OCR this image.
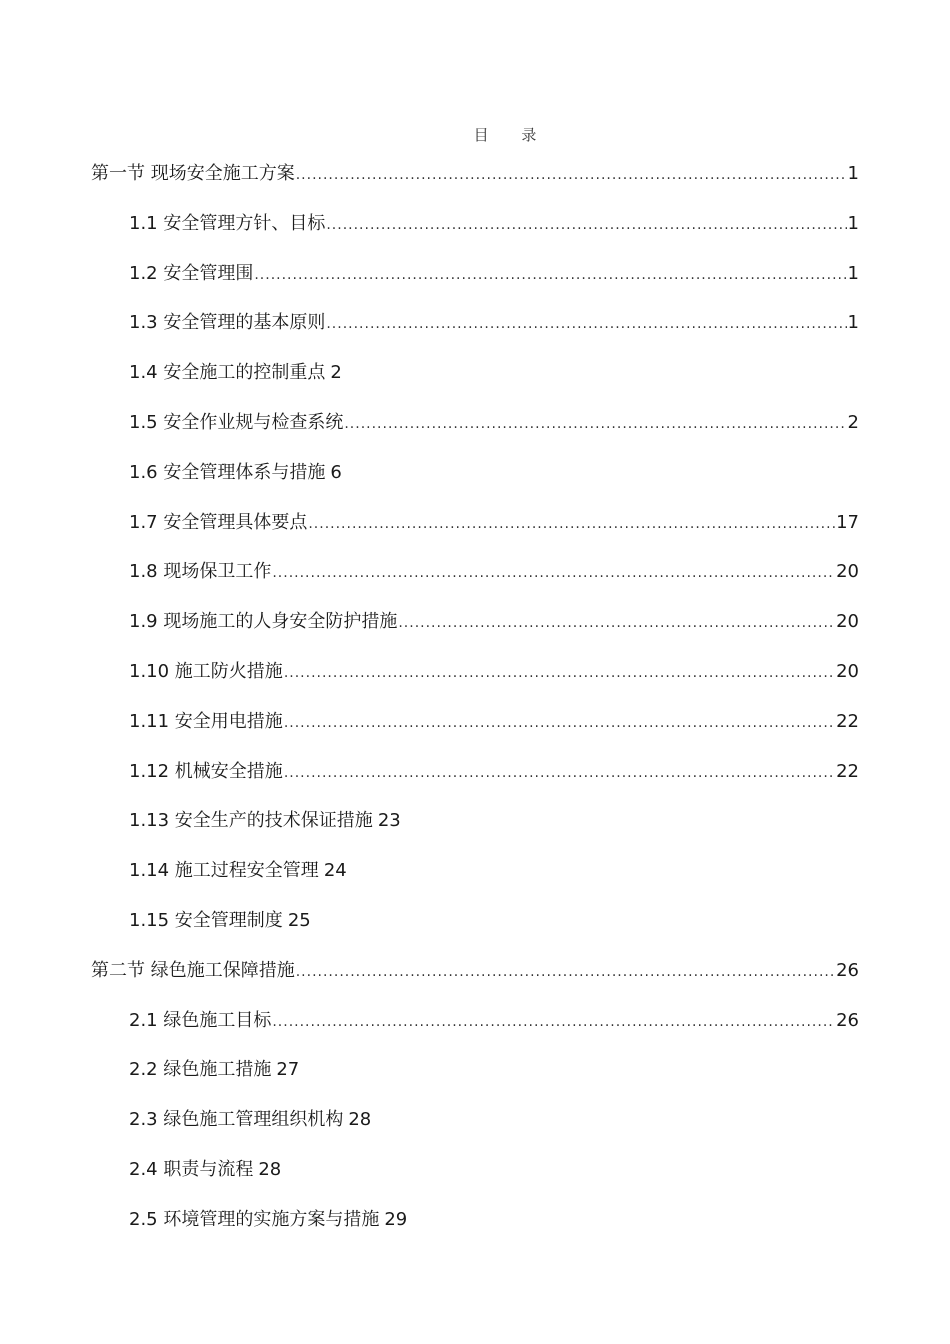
目 录
第一节 现场安全施工方案 .....	1
1.1 安全管理方针、目标 .....	1
1.2 安全管理围 .....	1
1.3 安全管理的基本原则 .....	1
1.4 安全施工的控制重点 2
1.5 安全作业规与检查系统 .....	2
1.6 安全管理体系与措施 6
1.7 安全管理具体要点 .....	17
1.8 现场保卫工作 .....	20
1.9 现场施工的人身安全防护措施 .....	20
1.10 施工防火措施 .....	20
1.11 安全用电措施 .....	22
1.12 机械安全措施 .....	22
1.13 安全生产的技术保证措施 23
1.14 施工过程安全管理 24
1.15 安全管理制度 25
第二节 绿色施工保障措施 .....	26
2.1 绿色施工目标 .....	26
2.2 绿色施工措施 27
2.3 绿色施工管理组织机构 28
2.4 职责与流程 28
2.5 环境管理的实施方案与措施 29
